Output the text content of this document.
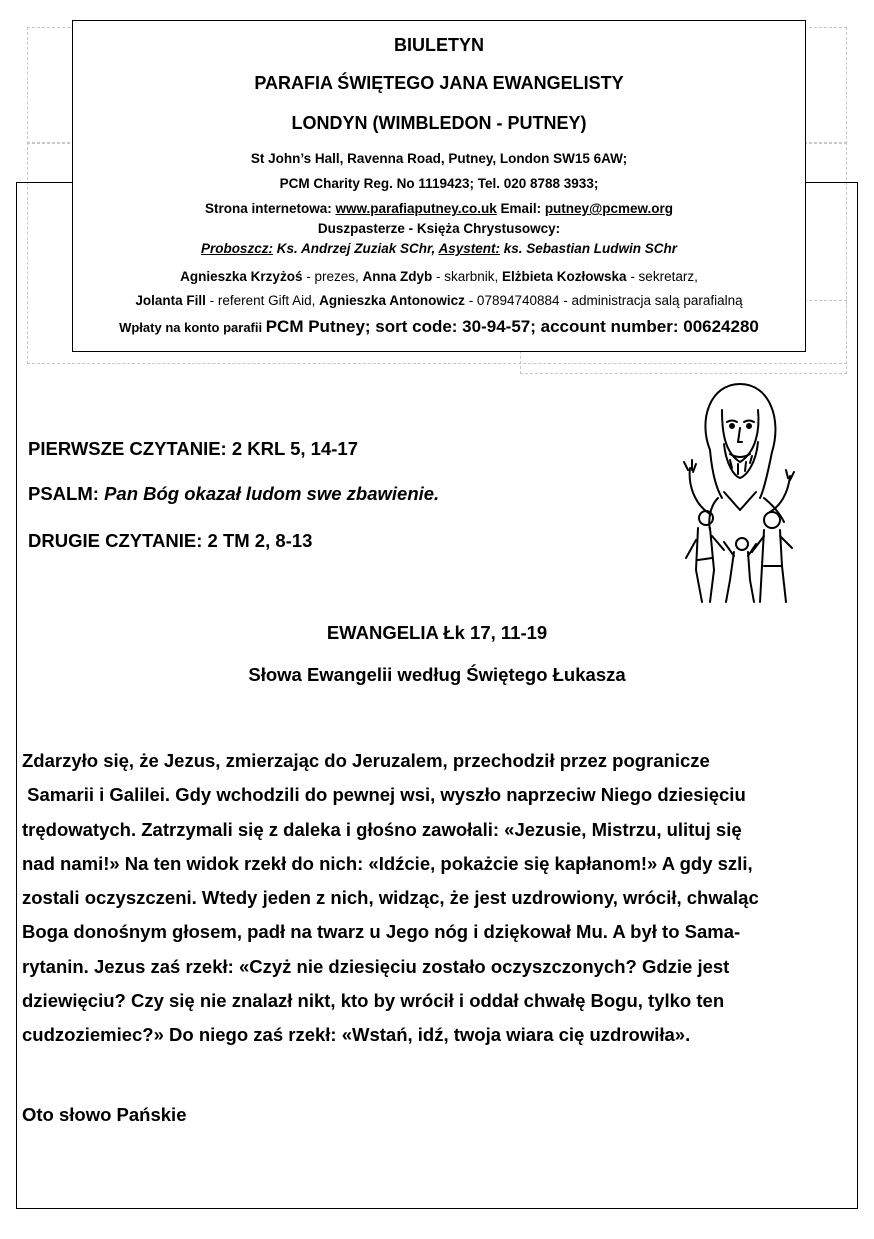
BIULETYN
PARAFIA ŚWIĘTEGO JANA EWANGELISTY
LONDYN (WIMBLEDON - PUTNEY)
St John’s Hall, Ravenna Road, Putney, London SW15 6AW;
PCM Charity Reg. No 1119423; Tel. 020 8788 3933;
Strona internetowa: www.parafiaputney.co.uk Email: putney@pcmew.org
Duszpasterze - Księża Chrystusowcy:
Proboszcz: Ks. Andrzej Zuziak SChr, Asystent: ks. Sebastian Ludwin SChr
Agnieszka Krzyżoś - prezes, Anna Zdyb - skarbnik, Elżbieta Kozłowska - sekretarz,
Jolanta Fill - referent Gift Aid, Agnieszka Antonowicz - 07894740884 - administracja salą parafialną
Wpłaty na konto parafii PCM Putney; sort code: 30-94-57; account number: 00624280
PIERWSZE CZYTANIE: 2 KRL 5, 14-17
PSALM: Pan Bóg okazał ludom swe zbawienie.
DRUGIE CZYTANIE: 2 TM 2, 8-13
EWANGELIA Łk 17, 11-19
Słowa Ewangelii według Świętego Łukasza
Zdarzyło się, że Jezus, zmierzając do Jeruzalem, przechodził przez pogranicze
Samarii i Galilei. Gdy wchodzili do pewnej wsi, wyszło naprzeciw Niego dziesięciu
trędowatych. Zatrzymali się z daleka i głośno zawołali: «Jezusie, Mistrzu, ulituj się
nad nami!» Na ten widok rzekł do nich: «Idźcie, pokażcie się kapłanom!» A gdy szli,
zostali oczyszczeni. Wtedy jeden z nich, widząc, że jest uzdrowiony, wrócił, chwaląc
Boga donośnym głosem, padł na twarz u Jego nóg i dziękował Mu. A był to Sama-
rytanin. Jezus zaś rzekł: «Czyż nie dziesięciu zostało oczyszczonych? Gdzie jest
dziewięciu? Czy się nie znalazł nikt, kto by wrócił i oddał chwałę Bogu, tylko ten
cudzoziemiec?» Do niego zaś rzekł: «Wstań, idź, twoja wiara cię uzdrowiła».
Oto słowo Pańskie
